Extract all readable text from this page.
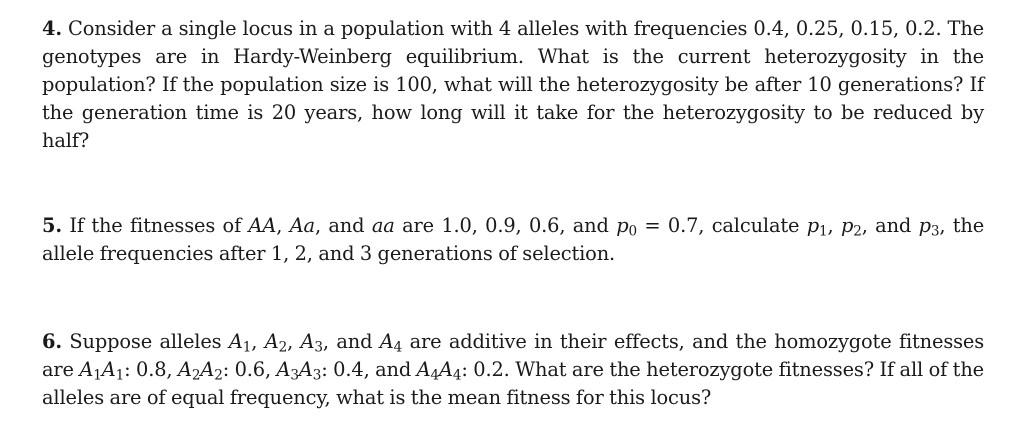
4. Consider a single locus in a population with 4 alleles with frequencies 0.4, 0.25, 0.15, 0.2. The genotypes are in Hardy-Weinberg equilibrium. What is the current heterozygosity in the population? If the population size is 100, what will the heterozygosity be after 10 generations? If the generation time is 20 years, how long will it take for the heterozygosity to be reduced by half?
5. If the fitnesses of AA, Aa, and aa are 1.0, 0.9, 0.6, and $p_0 = 0.7$, calculate $p_1$, $p_2$, and $p_3$, the allele frequencies after 1, 2, and 3 generations of selection.
6. Suppose alleles $A_1$, $A_2$, $A_3$, and $A_4$ are additive in their effects, and the homozygote fitnesses are $A_1A_1$: 0.8, $A_2A_2$: 0.6, $A_3A_3$: 0.4, and $A_4A_4$: 0.2. What are the heterozygote fitnesses? If all of the alleles are of equal frequency, what is the mean fitness for this locus?
